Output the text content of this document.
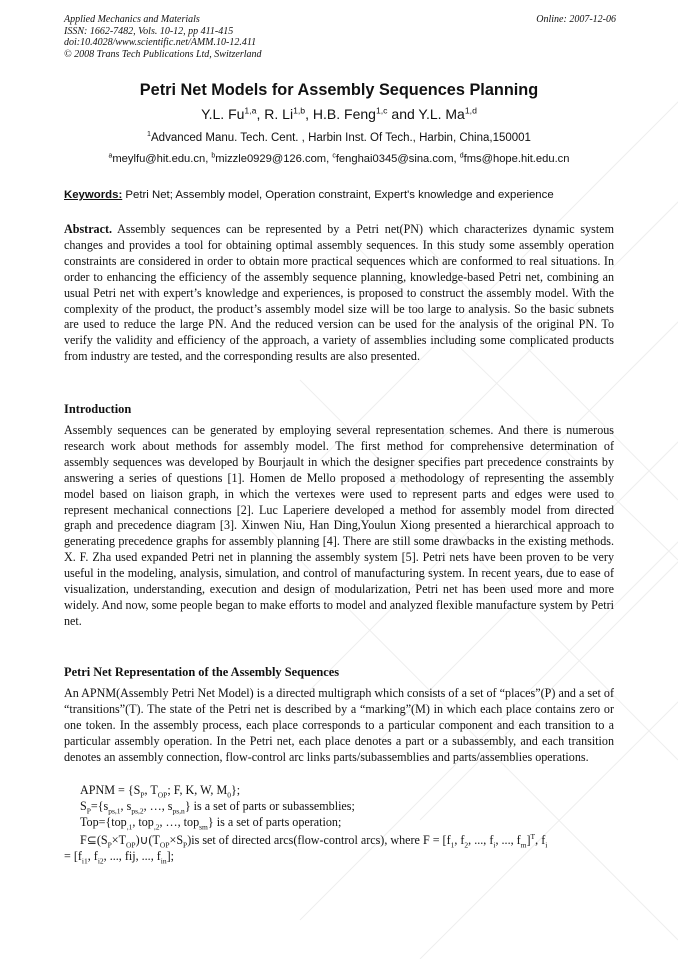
Applied Mechanics and Materials
ISSN: 1662-7482, Vols. 10-12, pp 411-415
doi:10.4028/www.scientific.net/AMM.10-12.411
© 2008 Trans Tech Publications Ltd, Switzerland
Online: 2007-12-06
Petri Net Models for Assembly Sequences Planning
Y.L. Fu$^{1,a}$, R. Li$^{1,b}$, H.B. Feng$^{1,c}$ and Y.L. Ma$^{1,d}$
$^1$Advanced Manu. Tech. Cent. , Harbin Inst. Of Tech., Harbin, China,150001
$^a$meylfu@hit.edu.cn, $^b$mizzle0929@126.com, $^c$fenghai0345@sina.com, $^d$fms@hope.hit.edu.cn
Keywords: Petri Net; Assembly model, Operation constraint, Expert's knowledge and experience

Abstract. Assembly sequences can be represented by a Petri net(PN) which characterizes dynamic system changes and provides a tool for obtaining optimal assembly sequences. In this study some assembly operation constraints are considered in order to obtain more practical sequences which are conformed to real situations. In order to enhancing the efficiency of the assembly sequence planning, knowledge-based Petri net, combining an usual Petri net with expert’s knowledge and experiences, is proposed to construct the assembly model. With the complexity of the product, the product’s assembly model size will be too large to analysis. So the basic subnets are used to reduce the large PN. And the reduced version can be used for the analysis of the original PN. To verify the validity and efficiency of the approach, a variety of assemblies including some complicated products from industry are tested, and the corresponding results are also presented.

Introduction

Assembly sequences can be generated by employing several representation schemes. And there is numerous research work about methods for assembly model. The first method for comprehensive determination of assembly sequences was developed by Bourjault in which the designer specifies part precedence constraints by answering a series of questions [1]. Homen de Mello proposed a methodology of representing the assembly model based on liaison graph, in which the vertexes were used to represent parts and edges were used to represent mechanical connections [2]. Luc Laperiere developed a method for assembly model from directed graph and precedence diagram [3]. Xinwen Niu, Han Ding,Youlun Xiong presented a hierarchical approach to generating precedence graphs for assembly planning [4]. There are still some drawbacks in the existing methods. X. F. Zha used expanded Petri net in planning the assembly system [5]. Petri nets have been proven to be very useful in the modeling, analysis, simulation, and control of manufacturing system. In recent years, due to ease of visualization, understanding, execution and design of modularization, Petri net has been used more and more widely. And now, some people began to make efforts to model and analyzed flexible manufacture system by Petri net.

Petri Net Representation of the Assembly Sequences

An APNM(Assembly Petri Net Model) is a directed multigraph which consists of a set of “places”(P) and a set of “transitions”(T). The state of the Petri net is described by a “marking”(M) in which each place contains zero or one token. In the assembly process, each place corresponds to a particular component and each transition to a particular assembly operation. In the Petri net, each place denotes a part or a subassembly, and each transition denotes an assembly connection, flow-control arc links parts/subassemblies and parts/assemblies operations.

APNM = {$S_P$, $T_{OP}$; F, K, W, $M_0$};

$S_P=\{s_{ps,1}$, $s_{ps,2}$, …, $s_{ps,n}$} is a set of parts or subassemblies;

Top={top$_{,1}$, top$_{,2}$, …, top$_{sm}$} is a set of parts operation;

$F⊆(S_P\times T_{OP})\cup(T_{OP}\times S_P)is$ set of directed arcs(flow-control arcs), where $F = [f_1$, $f_2$, ..., $f_i$, ..., $f_m]^T$, $f_i$
= [$f_{i1}$, $f_{i2}$, ..., fij, ..., $f_{in}$];
